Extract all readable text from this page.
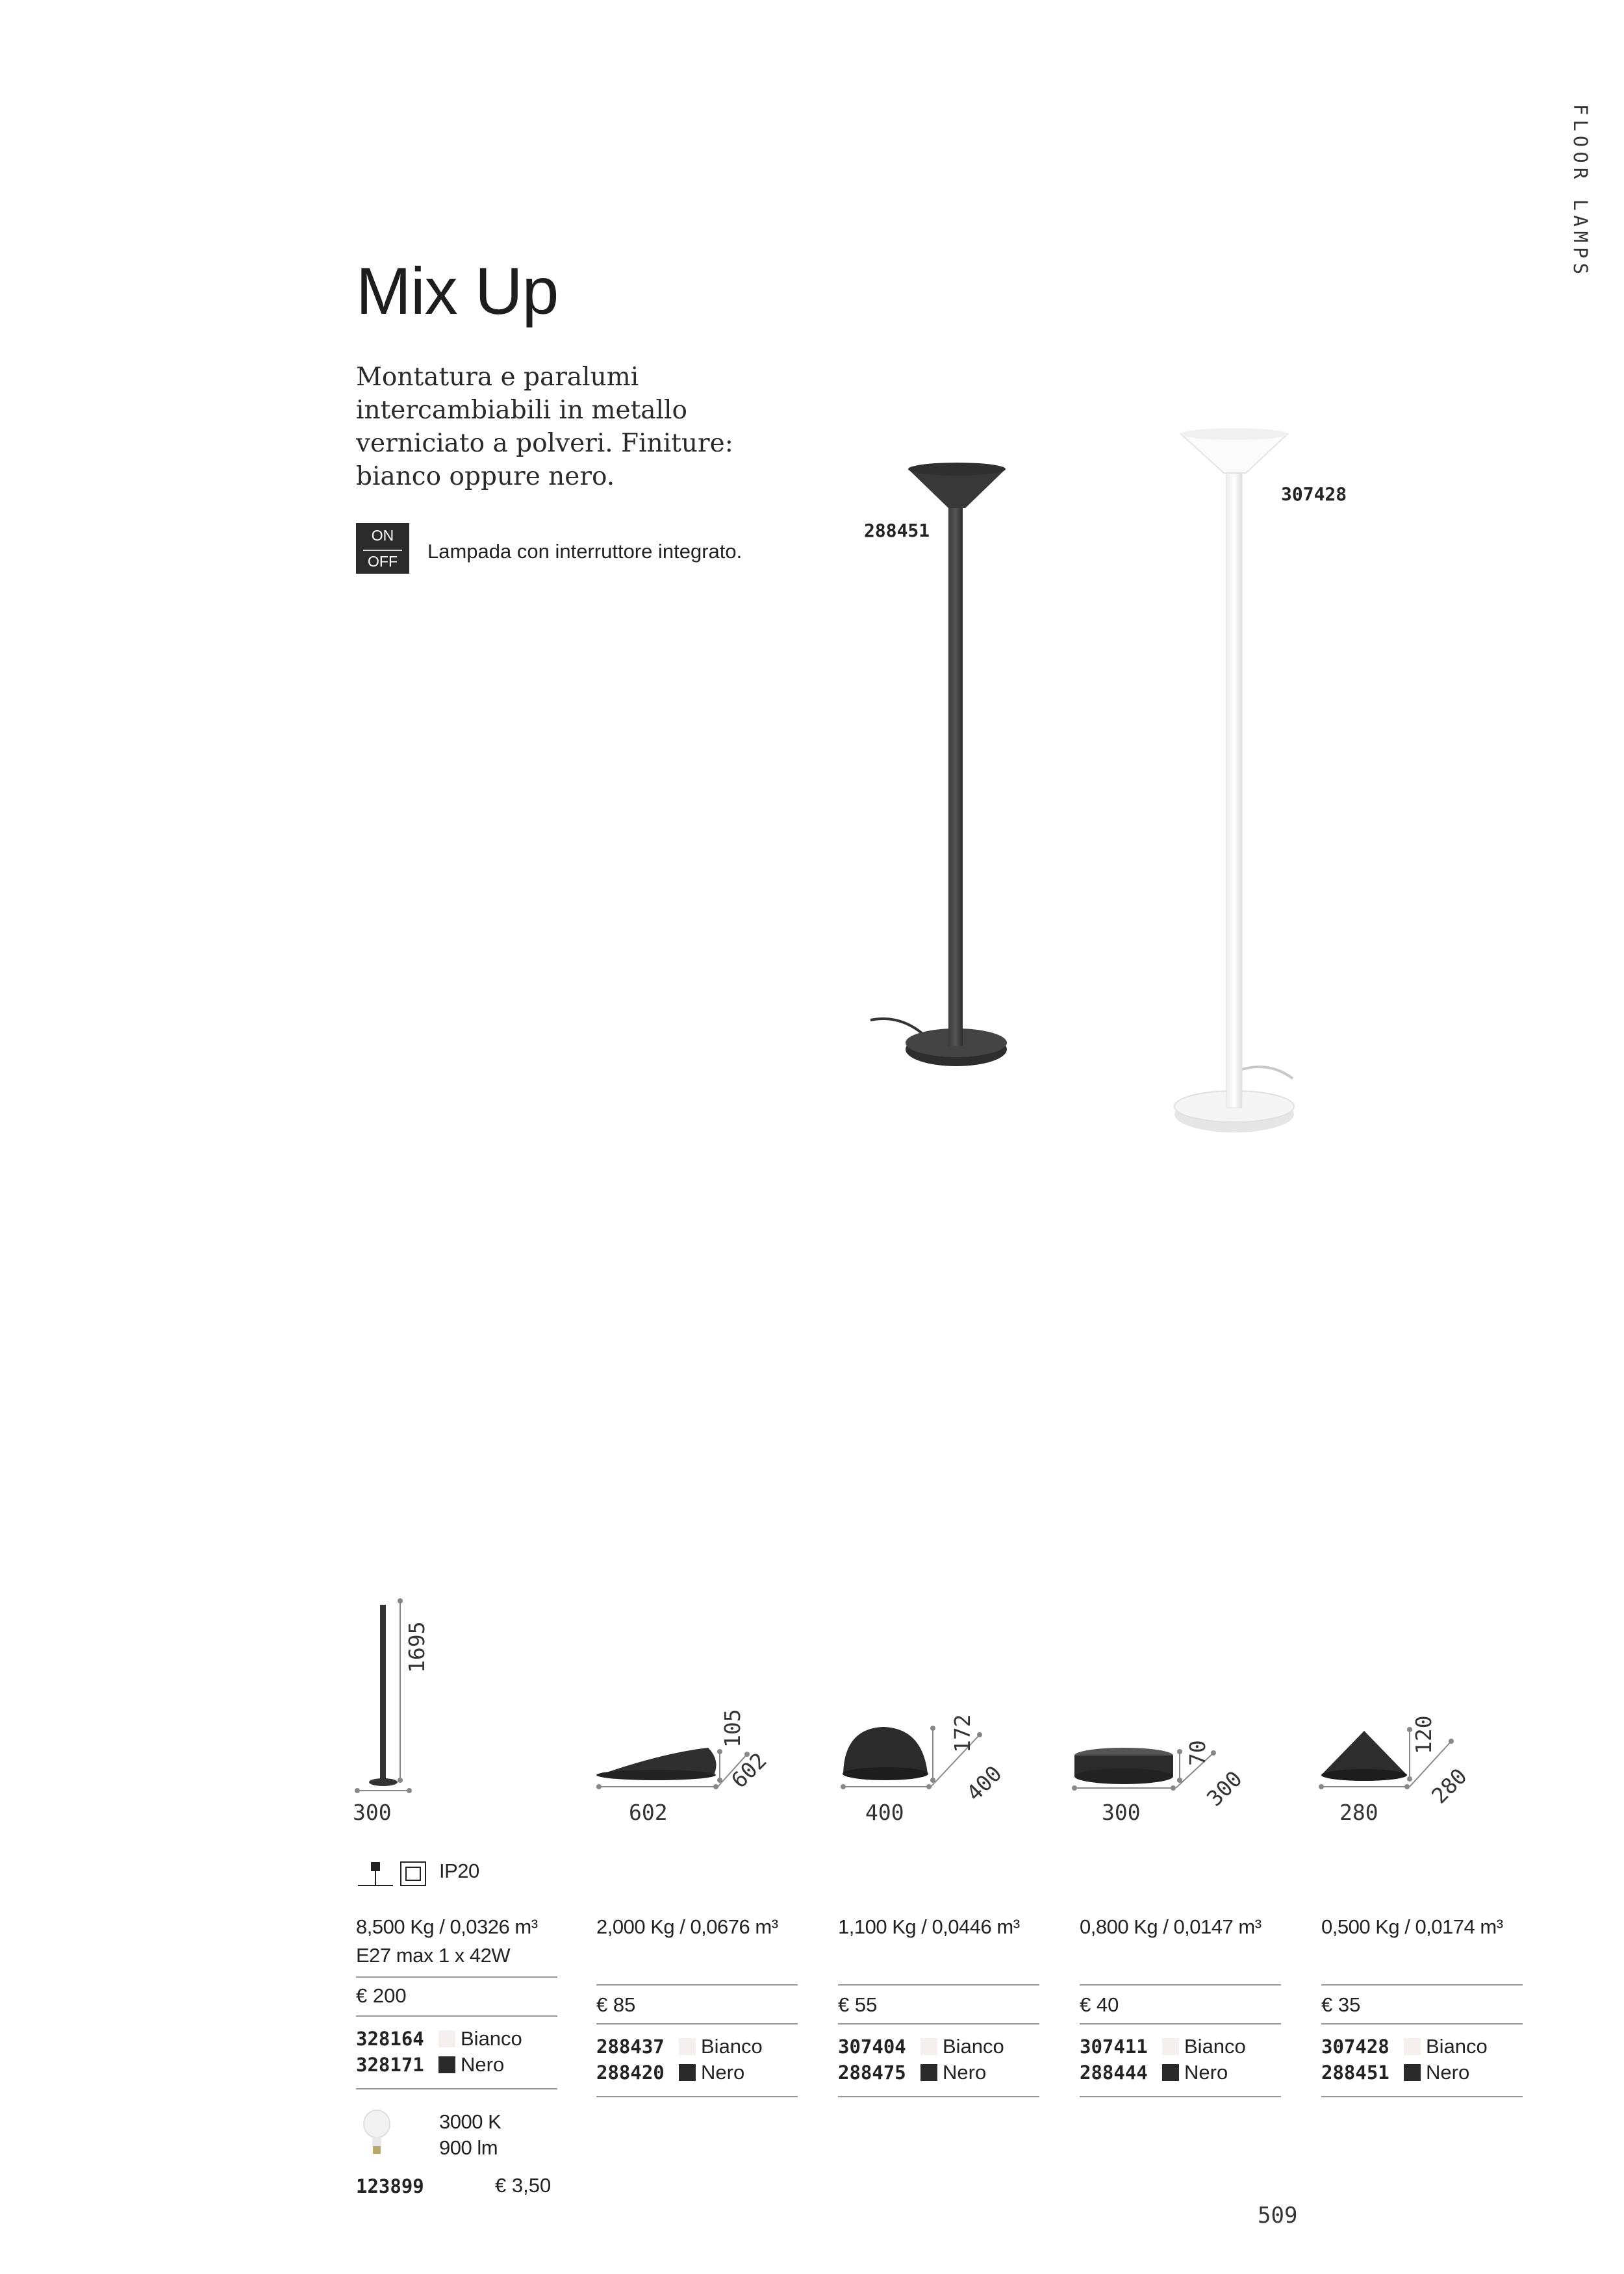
FLOOR LAMPS
Mix Up
Montatura e paralumi intercambiabili in metallo verniciato a polveri. Finiture: bianco oppure nero.
ON
OFF	Lampada con interruttore integrato.
288451
307428
1695
300
IP20
8,500 Kg / 0,0326 m³
E27 max 1 x 42W
€ 200
328164	Bianco
328171	Nero
3000 K
900 lm
123899	€ 3,50
105
602
602
172
400
400
70
300
300
120
280
280
2,000 Kg / 0,0676 m³
€ 85
288437	Bianco
288420	Nero
1,100 Kg / 0,0446 m³
€ 55
307404	Bianco
288475	Nero
0,800 Kg / 0,0147 m³
€ 40
307411	Bianco
288444	Nero
0,500 Kg / 0,0174 m³
€ 35
307428	Bianco
288451	Nero
509
